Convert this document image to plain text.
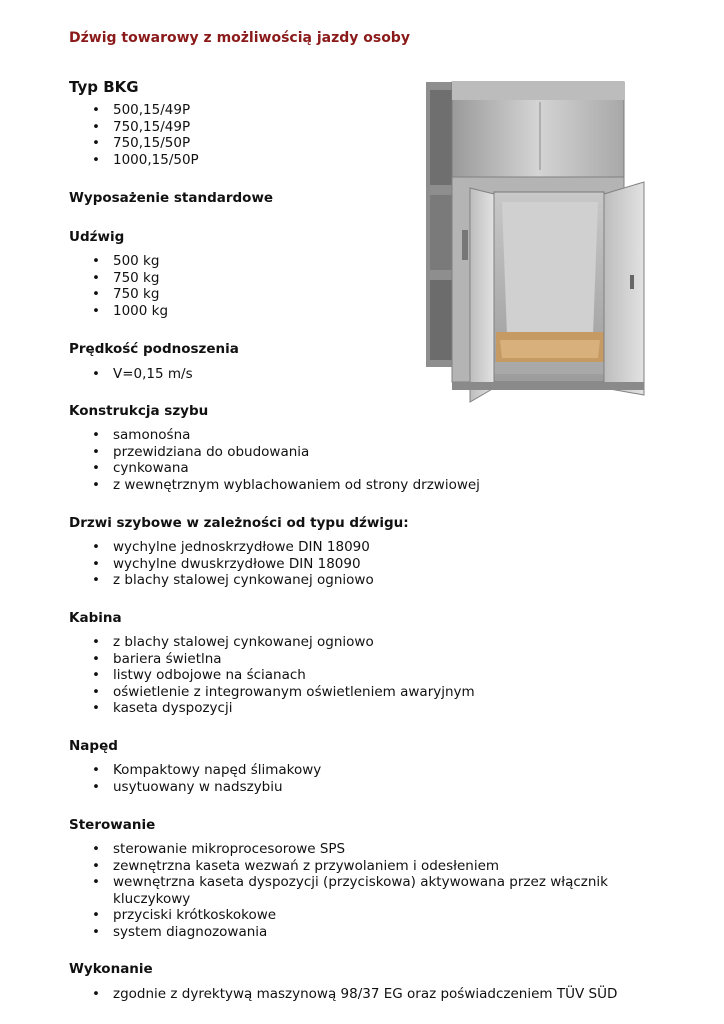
Dźwig towarowy z możliwością jazdy osoby
Typ BKG
• 500,15/49P
• 750,15/49P
• 750,15/50P
• 1000,15/50P
Wyposażenie standardowe
Udźwig
• 500 kg
• 750 kg
• 750 kg
• 1000 kg
Prędkość podnoszenia
• V=0,15 m/s
Konstrukcja szybu
• samonośna
• przewidziana do obudowania
• cynkowana
• z wewnętrznym wyblachowaniem od strony drzwiowej
Drzwi szybowe w zależności od typu dźwigu:
• wychylne jednoskrzydłowe DIN 18090
• wychylne dwuskrzydłowe DIN 18090
• z blachy stalowej cynkowanej ogniowo
Kabina
• z blachy stalowej cynkowanej ogniowo
• bariera świetlna
• listwy odbojowe na ścianach
• oświetlenie z integrowanym oświetleniem awaryjnym
• kaseta dyspozycji
Napęd
• Kompaktowy napęd ślimakowy
• usytuowany w nadszybiu
Sterowanie
• sterowanie mikroprocesorowe SPS
• zewnętrzna kaseta wezwań z przywolaniem i odesłeniem
• wewnętrzna kaseta dyspozycji (przyciskowa) aktywowana przez włącznik kluczykowy
• przyciski krótkoskokowe
• system diagnozowania
Wykonanie
• zgodnie z dyrektywą maszynową 98/37 EG oraz poświadczeniem TÜV SÜD
